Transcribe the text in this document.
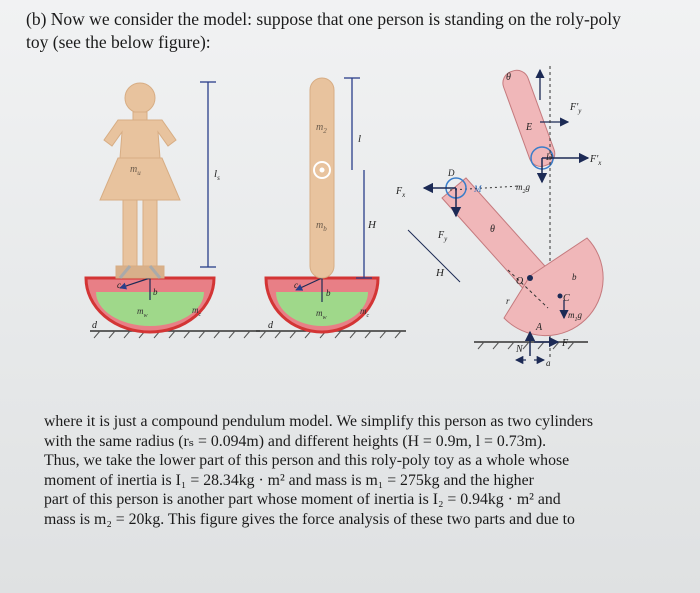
(b) Now we consider the model: suppose that one person is standing on the roly-poly
toy (see the below figure):
$l_s$
$m_u$
c
b
d
$m_w$
$m_c$
$m_2$
$m_b$
l
H
c
b
d
$m_w$
$m_c$
θ
E
$F'_y$
D	$F'_x$
$m_2g$
$F_x$
D
M
$F_y$
θ
H
O
r
b
C
$m_1g$
A
N
F
a
where it is just a compound pendulum model. We simplify this person as two cylinders
with the same radius (rₛ = 0.094m) and different heights (H = 0.9m, l = 0.73m).
Thus, we take the lower part of this person and this roly-poly toy as a whole whose
moment of inertia is I₁ = 28.34kg · m² and mass is m₁ = 275kg and the higher
part of this person is another part whose moment of inertia is I₂ = 0.94kg · m² and
mass is m₂ = 20kg. This figure gives the force analysis of these two parts and due to
